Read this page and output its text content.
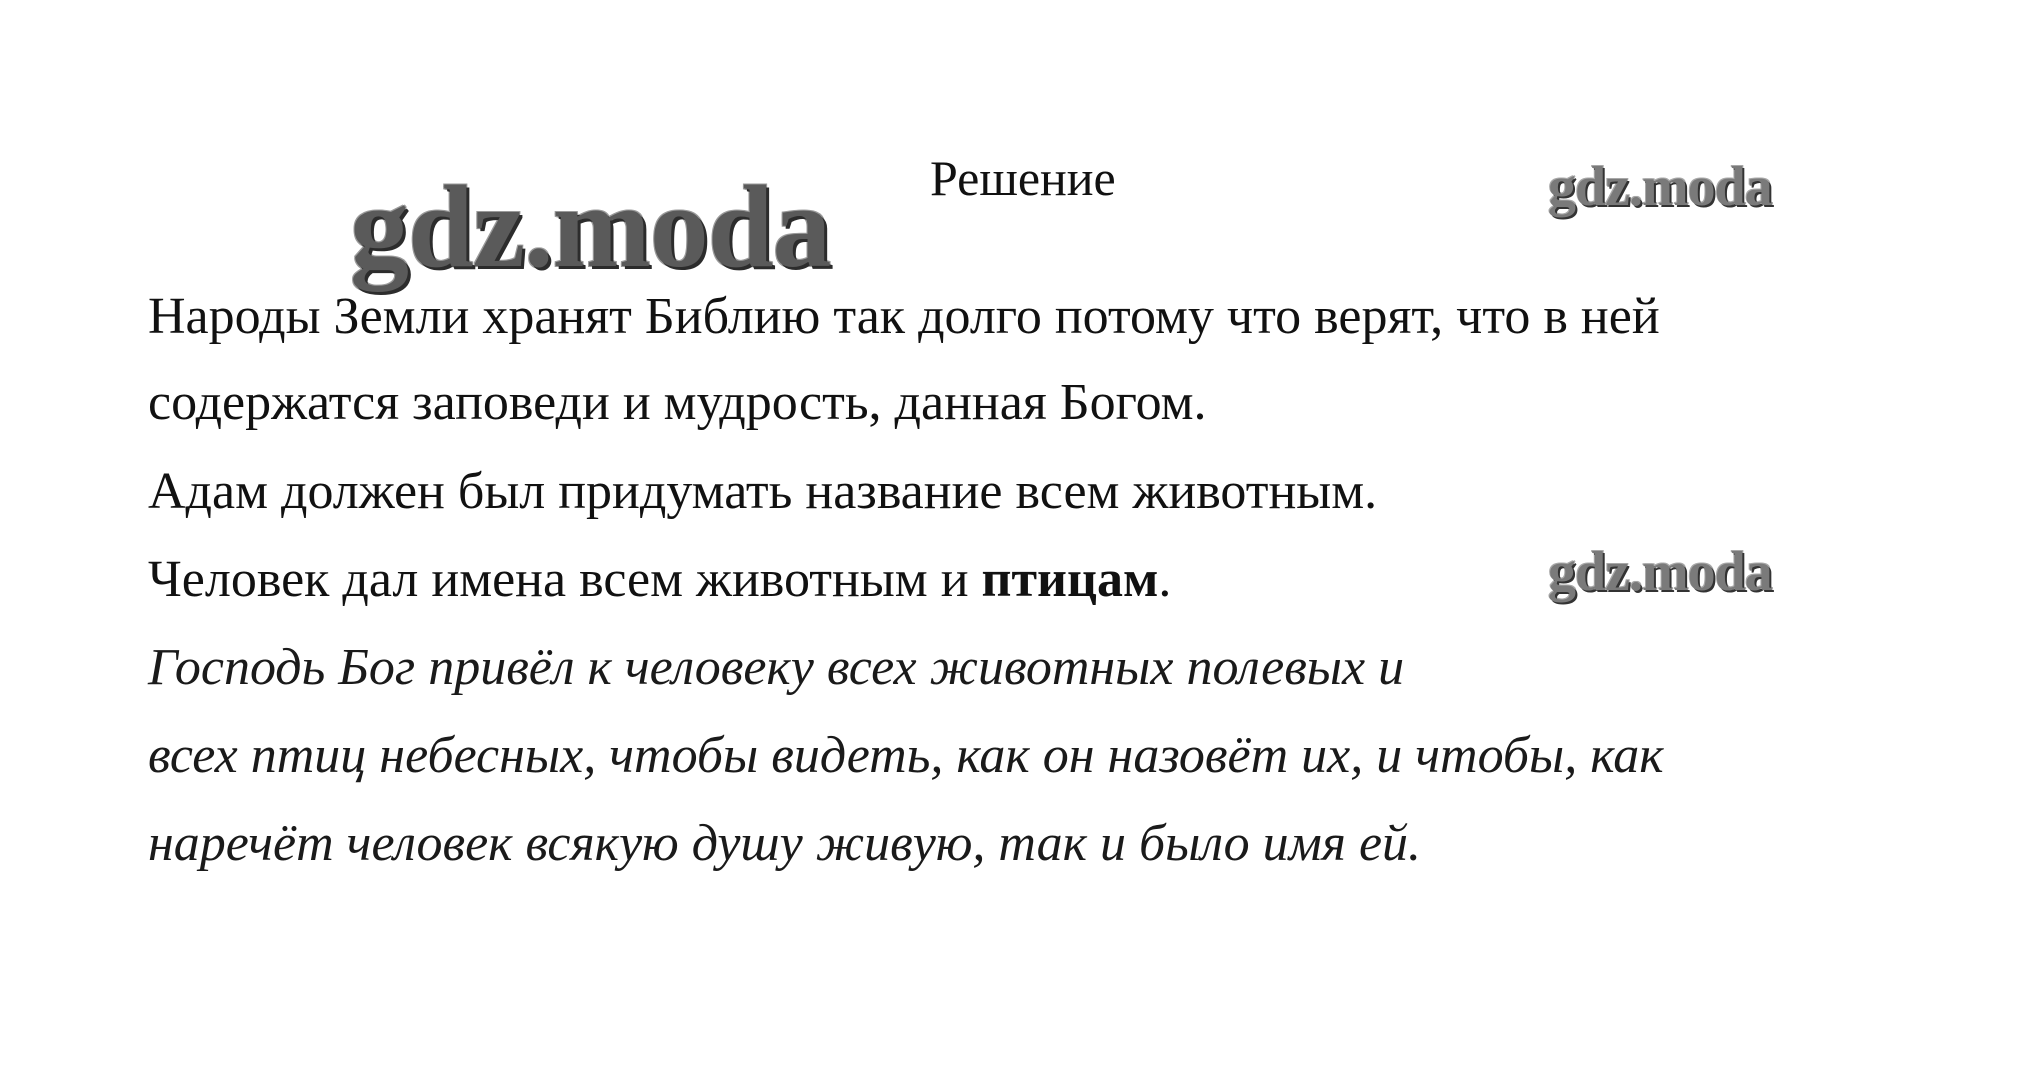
gdz.moda	gdz.moda
gdz.moda
Решение
Народы Земли хранят Библию так долго потому что верят, что в ней
содержатся заповеди и мудрость, данная Богом.
Адам должен был придумать название всем животным.
Человек дал имена всем животным и птицам.
Господь Бог привёл к человеку всех животных полевых и
всех птиц небесных, чтобы видеть, как он назовёт их, и чтобы, как
наречёт человек всякую душу живую, так и было имя ей.
